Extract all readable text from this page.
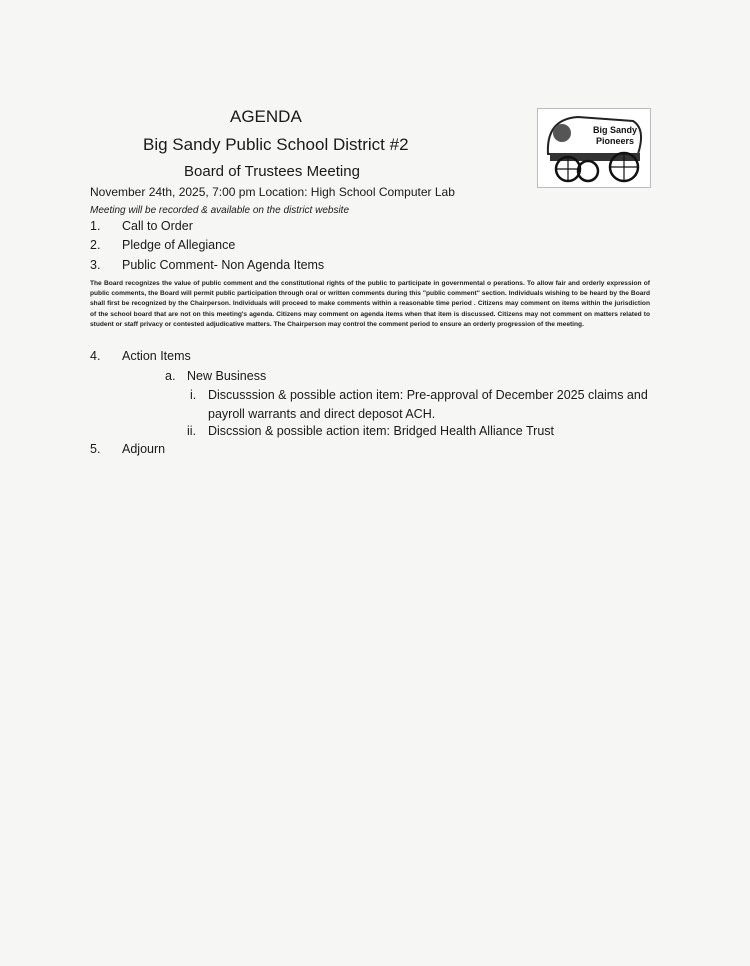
AGENDA
Big Sandy Public School District #2
Board of Trustees Meeting
November 24th, 2025, 7:00 pm Location: High School Computer Lab
Meeting will be recorded & available on the district website
Big Sandy
Pioneers
1. Call to Order
2. Pledge of Allegiance
3. Public Comment- Non Agenda Items
The Board recognizes the value of public comment and the constitutional rights of the public to participate in governmental o perations. To allow fair and orderly expression of public comments, the Board will permit public participation through oral or written comments during this "public comment" section. Individuals wishing to be heard by the Board shall first be recognized by the Chairperson. Individuals will proceed to make comments within a reasonable time period . Citizens may comment on items within the jurisdiction of the school board that are not on this meeting's agenda. Citizens may comment on agenda items when that item is discussed. Citizens may not comment on matters related to student or staff privacy or contested adjudicative matters. The Chairperson may control the comment period to ensure an orderly progression of the meeting.
4. Action Items
a. New Business
i. Discusssion & possible action item: Pre-approval of December 2025 claims and
payroll warrants and direct deposot ACH.
ii. Discssion & possible action item: Bridged Health Alliance Trust
5. Adjourn
